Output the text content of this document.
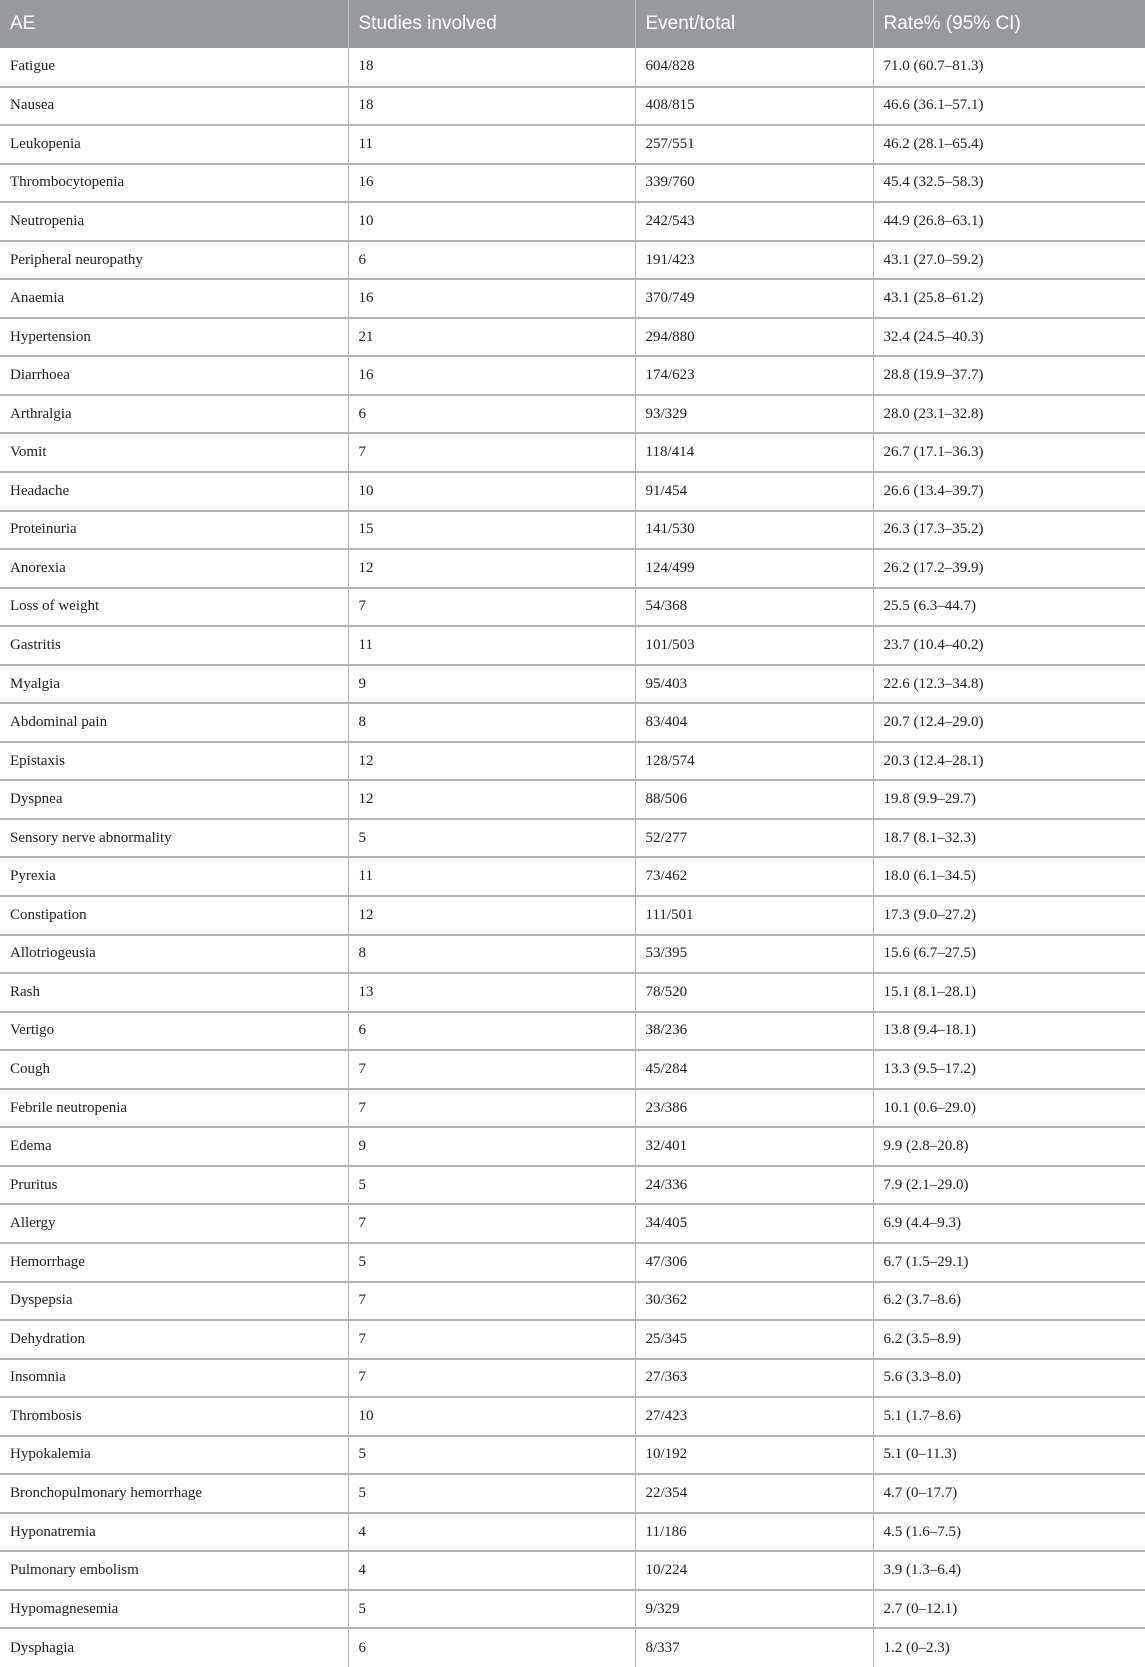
AE	Studies involved	Event/total	Rate% (95% CI)
Fatigue	18	604/828	71.0 (60.7–81.3)
Nausea	18	408/815	46.6 (36.1–57.1)
Leukopenia	11	257/551	46.2 (28.1–65.4)
Thrombocytopenia	16	339/760	45.4 (32.5–58.3)
Neutropenia	10	242/543	44.9 (26.8–63.1)
Peripheral neuropathy	6	191/423	43.1 (27.0–59.2)
Anaemia	16	370/749	43.1 (25.8–61.2)
Hypertension	21	294/880	32.4 (24.5–40.3)
Diarrhoea	16	174/623	28.8 (19.9–37.7)
Arthralgia	6	93/329	28.0 (23.1–32.8)
Vomit	7	118/414	26.7 (17.1–36.3)
Headache	10	91/454	26.6 (13.4–39.7)
Proteinuria	15	141/530	26.3 (17.3–35.2)
Anorexia	12	124/499	26.2 (17.2–39.9)
Loss of weight	7	54/368	25.5 (6.3–44.7)
Gastritis	11	101/503	23.7 (10.4–40.2)
Myalgia	9	95/403	22.6 (12.3–34.8)
Abdominal pain	8	83/404	20.7 (12.4–29.0)
Epistaxis	12	128/574	20.3 (12.4–28.1)
Dyspnea	12	88/506	19.8 (9.9–29.7)
Sensory nerve abnormality	5	52/277	18.7 (8.1–32.3)
Pyrexia	11	73/462	18.0 (6.1–34.5)
Constipation	12	111/501	17.3 (9.0–27.2)
Allotriogeusia	8	53/395	15.6 (6.7–27.5)
Rash	13	78/520	15.1 (8.1–28.1)
Vertigo	6	38/236	13.8 (9.4–18.1)
Cough	7	45/284	13.3 (9.5–17.2)
Febrile neutropenia	7	23/386	10.1 (0.6–29.0)
Edema	9	32/401	9.9 (2.8–20.8)
Pruritus	5	24/336	7.9 (2.1–29.0)
Allergy	7	34/405	6.9 (4.4–9.3)
Hemorrhage	5	47/306	6.7 (1.5–29.1)
Dyspepsia	7	30/362	6.2 (3.7–8.6)
Dehydration	7	25/345	6.2 (3.5–8.9)
Insomnia	7	27/363	5.6 (3.3–8.0)
Thrombosis	10	27/423	5.1 (1.7–8.6)
Hypokalemia	5	10/192	5.1 (0–11.3)
Bronchopulmonary hemorrhage	5	22/354	4.7 (0–17.7)
Hyponatremia	4	11/186	4.5 (1.6–7.5)
Pulmonary embolism	4	10/224	3.9 (1.3–6.4)
Hypomagnesemia	5	9/329	2.7 (0–12.1)
Dysphagia	6	8/337	1.2 (0–2.3)
